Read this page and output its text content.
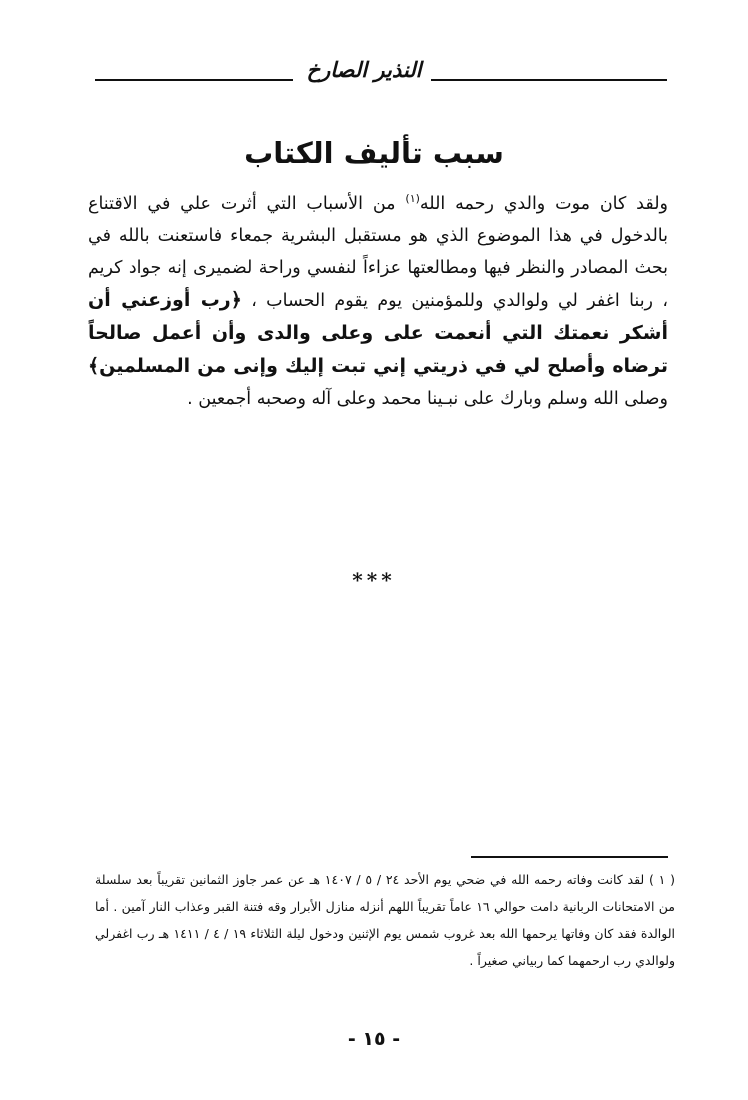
النذير الصارخ
سبب تأليف الكتاب
ولقد كان موت والدي رحمه الله$^{(١)}$ من الأسباب التي أثرت علي في الاقتناع بالدخول في هذا الموضوع الذي هو مستقبل البشرية جمعاء فاستعنت بالله في بحث المصادر والنظر فيها ومطالعتها عزاءاً لنفسي وراحة لضميرى إنه جواد كريم ، ربنا اغفر لي ولوالدي وللمؤمنين يوم يقوم الحساب ، ﴿رب أوزعني أن أشكر نعمتك التي أنعمت على وعلى والدى وأن أعمل صالحاً ترضاه وأصلح لي في ذريتي إني تبت إليك وإنى من المسلمين﴾ وصلى الله وسلم وبارك على نبـينا محمد وعلى آله وصحبه أجمعين .
***
( ١ ) لقد كانت وفاته رحمه الله في ضحي يوم الأحد ٢٤ / ٥ / ١٤٠٧ هـ عن عمر جاوز الثمانين تقريباً بعد سلسلة من الامتحانات الربانية دامت حوالي ١٦ عاماً تقريباً اللهم أنزله منازل الأبرار وقه فتنة القبر وعذاب النار آمين . أما الوالدة فقد كان وفاتها يرحمها الله بعد غروب شمس يوم الإثنين ودخول ليلة الثلاثاء ١٩ / ٤ / ١٤١١ هـ رب اغفرلي ولوالدي رب ارحمهما كما ربياني صغيراً .
- ١٥ -
